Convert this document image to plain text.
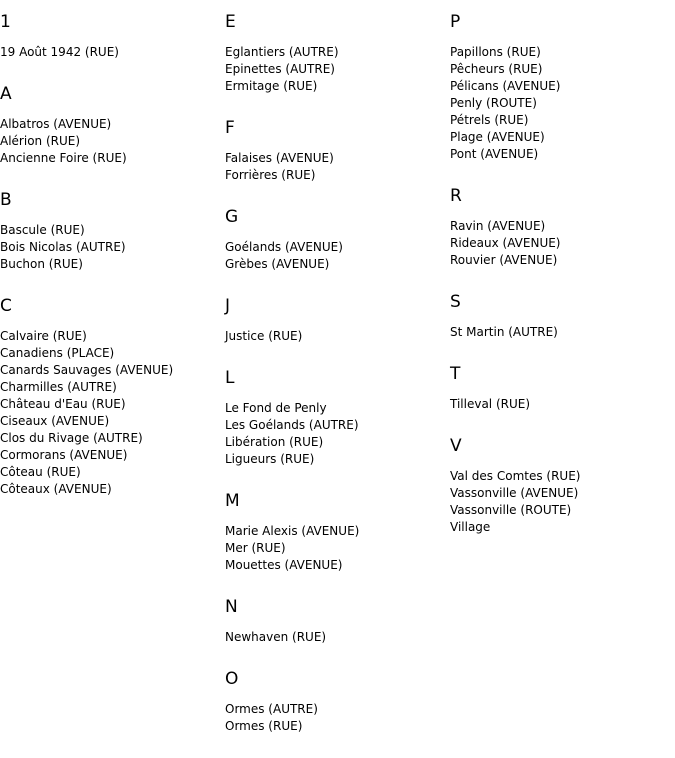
1
19 Août 1942 (RUE)
A
Albatros (AVENUE)
Alérion (RUE)
Ancienne Foire (RUE)
B
Bascule (RUE)
Bois Nicolas (AUTRE)
Buchon (RUE)
C
Calvaire (RUE)
Canadiens (PLACE)
Canards Sauvages (AVENUE)
Charmilles (AUTRE)
Château d'Eau (RUE)
Ciseaux (AVENUE)
Clos du Rivage (AUTRE)
Cormorans (AVENUE)
Côteau (RUE)
Côteaux (AVENUE)
E
Eglantiers (AUTRE)
Epinettes (AUTRE)
Ermitage (RUE)
F
Falaises (AVENUE)
Forrières (RUE)
G
Goélands (AVENUE)
Grèbes (AVENUE)
J
Justice (RUE)
L
Le Fond de Penly
Les Goélands (AUTRE)
Libération (RUE)
Ligueurs (RUE)
M
Marie Alexis (AVENUE)
Mer (RUE)
Mouettes (AVENUE)
N
Newhaven (RUE)
O
Ormes (AUTRE)
Ormes (RUE)
P
Papillons (RUE)
Pêcheurs (RUE)
Pélicans (AVENUE)
Penly (ROUTE)
Pétrels (RUE)
Plage (AVENUE)
Pont (AVENUE)
R
Ravin (AVENUE)
Rideaux (AVENUE)
Rouvier (AVENUE)
S
St Martin (AUTRE)
T
Tilleval (RUE)
V
Val des Comtes (RUE)
Vassonville (AVENUE)
Vassonville (ROUTE)
Village
